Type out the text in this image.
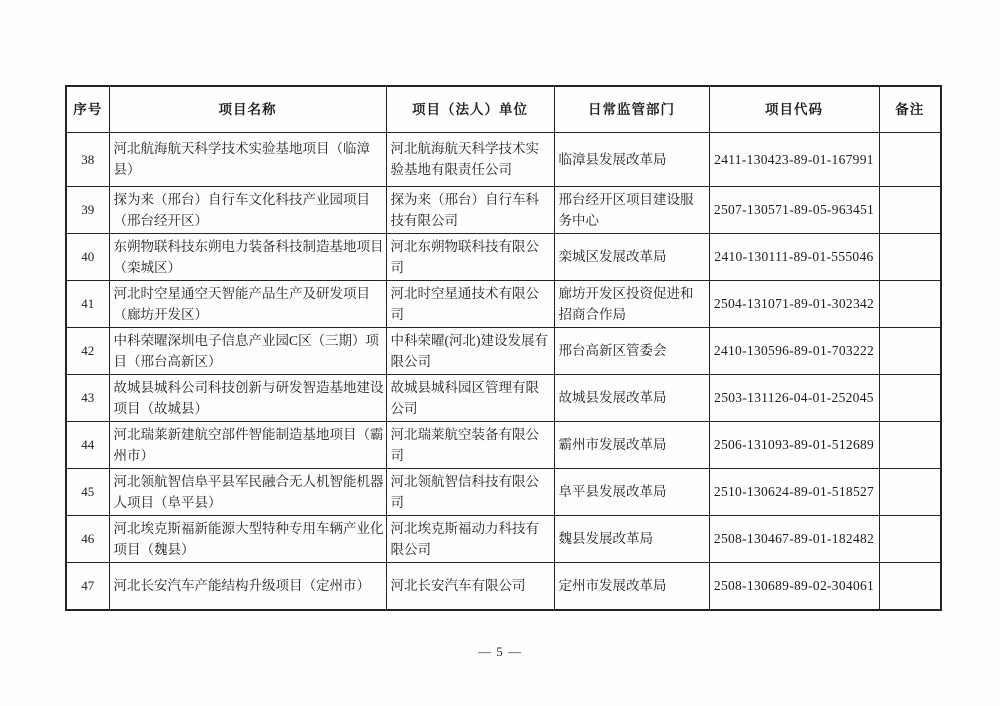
序号	项目名称	项目（法人）单位	日常监管部门	项目代码	备注
38	河北航海航天科学技术实验基地项目（临漳县）	河北航海航天科学技术实验基地有限责任公司	临漳县发展改革局	2411-130423-89-01-167991	
39	探为来（邢台）自行车文化科技产业园项目（邢台经开区）	探为来（邢台）自行车科技有限公司	邢台经开区项目建设服务中心	2507-130571-89-05-963451	
40	东朔物联科技东朔电力装备科技制造基地项目（栾城区）	河北东朔物联科技有限公司	栾城区发展改革局	2410-130111-89-01-555046	
41	河北时空星通空天智能产品生产及研发项目（廊坊开发区）	河北时空星通技术有限公司	廊坊开发区投资促进和招商合作局	2504-131071-89-01-302342	
42	中科荣曜深圳电子信息产业园C区（三期）项目（邢台高新区）	中科荣曜(河北)建设发展有限公司	邢台高新区管委会	2410-130596-89-01-703222	
43	故城县城科公司科技创新与研发智造基地建设项目（故城县）	故城县城科园区管理有限公司	故城县发展改革局	2503-131126-04-01-252045	
44	河北瑞莱新建航空部件智能制造基地项目（霸州市）	河北瑞莱航空装备有限公司	霸州市发展改革局	2506-131093-89-01-512689	
45	河北领航智信阜平县军民融合无人机智能机器人项目（阜平县）	河北领航智信科技有限公司	阜平县发展改革局	2510-130624-89-01-518527	
46	河北埃克斯福新能源大型特种专用车辆产业化项目（魏县）	河北埃克斯福动力科技有限公司	魏县发展改革局	2508-130467-89-01-182482	
47	河北长安汽车产能结构升级项目（定州市）	河北长安汽车有限公司	定州市发展改革局	2508-130689-89-02-304061	
— 5 —
